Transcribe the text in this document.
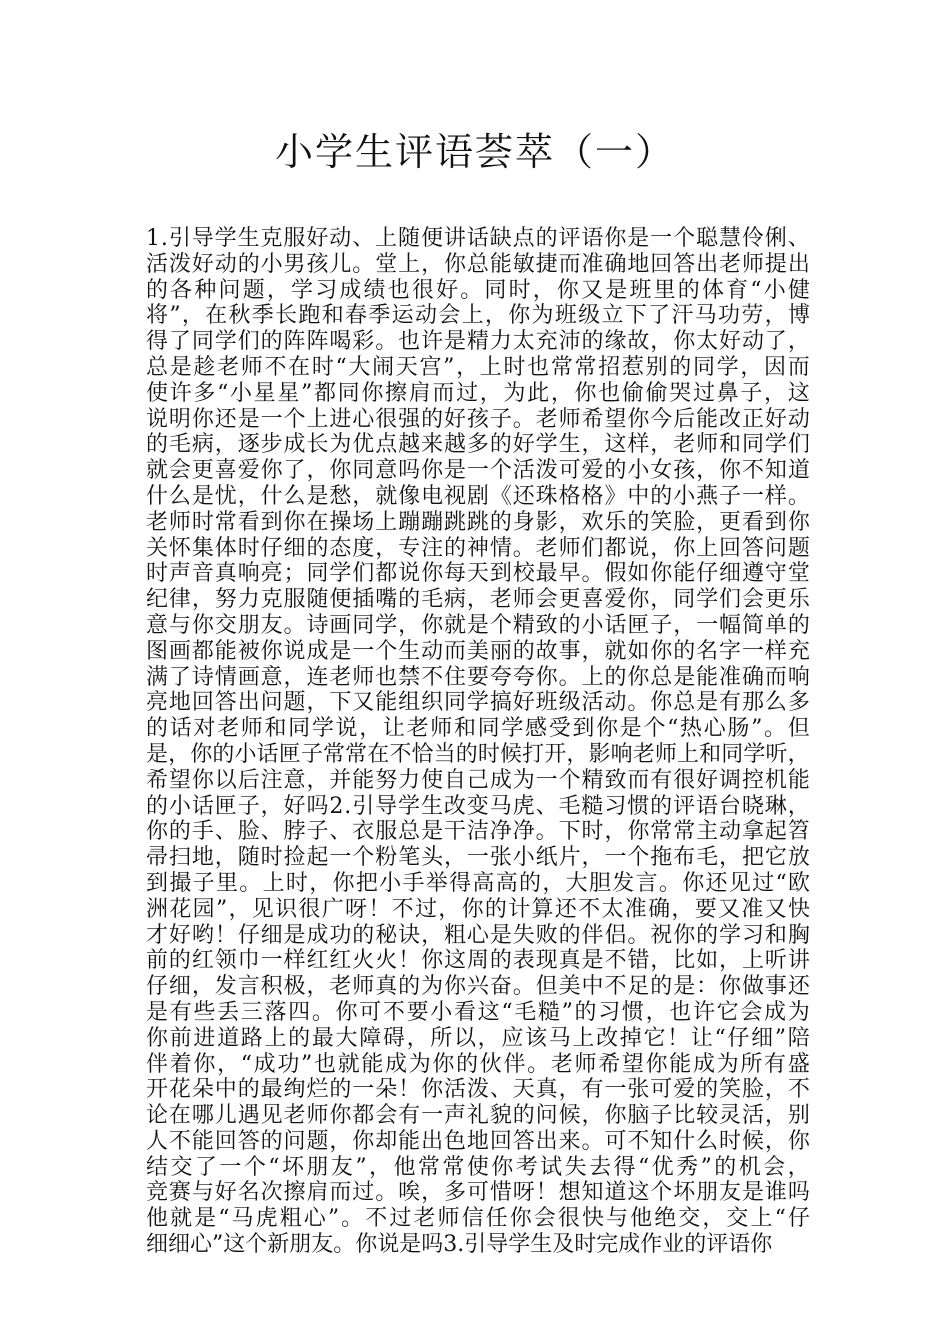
小学生评语荟萃（一）
1 . 引 导 学 生 克 服 好 动 、 上 随 便 讲 话 缺 点 的 评 语 你 是 一 个 聪 慧 伶 俐 、
活 泼 好 动 的 小 男 孩 儿 。 堂 上 ， 你 总 能 敏 捷 而 准 确 地 回 答 出 老 师 提 出
的 各 种 问 题 ， 学 习 成 绩 也 很 好 。 同 时 ， 你 又 是 班 里 的 体 育 “ 小 健
将 ” ， 在 秋 季 长 跑 和 春 季 运 动 会 上 ， 你 为 班 级 立 下 了 汗 马 功 劳 ， 博
得 了 同 学 们 的 阵 阵 喝 彩 。 也 许 是 精 力 太 充 沛 的 缘 故 ， 你 太 好 动 了 ，
总 是 趁 老 师 不 在 时 “ 大 闹 天 宫 ” ， 上 时 也 常 常 招 惹 别 的 同 学 ， 因 而
使 许 多 “ 小 星 星 ” 都 同 你 擦 肩 而 过 ， 为 此 ， 你 也 偷 偷 哭 过 鼻 子 ， 这
说 明 你 还 是 一 个 上 进 心 很 强 的 好 孩 子 。 老 师 希 望 你 今 后 能 改 正 好 动
的 毛 病 ， 逐 步 成 长 为 优 点 越 来 越 多 的 好 学 生 ， 这 样 ， 老 师 和 同 学 们
就 会 更 喜 爱 你 了 ， 你 同 意 吗 你 是 一 个 活 泼 可 爱 的 小 女 孩 ， 你 不 知 道
什 么 是 忧 ， 什 么 是 愁 ， 就 像 电 视 剧 《 还 珠 格 格 》 中 的 小 燕 子 一 样 。
老 师 时 常 看 到 你 在 操 场 上 蹦 蹦 跳 跳 的 身 影 ， 欢 乐 的 笑 脸 ， 更 看 到 你
关 怀 集 体 时 仔 细 的 态 度 ， 专 注 的 神 情 。 老 师 们 都 说 ， 你 上 回 答 问 题
时 声 音 真 响 亮 ； 同 学 们 都 说 你 每 天 到 校 最 早 。 假 如 你 能 仔 细 遵 守 堂
纪 律 ， 努 力 克 服 随 便 插 嘴 的 毛 病 ， 老 师 会 更 喜 爱 你 ， 同 学 们 会 更 乐
意 与 你 交 朋 友 。 诗 画 同 学 ， 你 就 是 个 精 致 的 小 话 匣 子 ， 一 幅 简 单 的
图 画 都 能 被 你 说 成 是 一 个 生 动 而 美 丽 的 故 事 ， 就 如 你 的 名 字 一 样 充
满 了 诗 情 画 意 ， 连 老 师 也 禁 不 住 要 夸 夸 你 。 上 的 你 总 是 能 准 确 而 响
亮 地 回 答 出 问 题 ， 下 又 能 组 织 同 学 搞 好 班 级 活 动 。 你 总 是 有 那 么 多
的 话 对 老 师 和 同 学 说 ， 让 老 师 和 同 学 感 受 到 你 是 个 “ 热 心 肠 ” 。 但
是 ， 你 的 小 话 匣 子 常 常 在 不 恰 当 的 时 候 打 开 ， 影 响 老 师 上 和 同 学 听 ，
希 望 你 以 后 注 意 ， 并 能 努 力 使 自 己 成 为 一 个 精 致 而 有 很 好 调 控 机 能
的 小 话 匣 子 ， 好 吗 2 . 引 导 学 生 改 变 马 虎 、 毛 糙 习 惯 的 评 语 台 晓 琳 ，
你 的 手 、 脸 、 脖 子 、 衣 服 总 是 干 洁 净 净 。 下 时 ， 你 常 常 主 动 拿 起 笤
帚 扫 地 ， 随 时 捡 起 一 个 粉 笔 头 ， 一 张 小 纸 片 ， 一 个 拖 布 毛 ， 把 它 放
到 撮 子 里 。 上 时 ， 你 把 小 手 举 得 高 高 的 ， 大 胆 发 言 。 你 还 见 过 “ 欧
洲 花 园 ” ， 见 识 很 广 呀 ！ 不 过 ， 你 的 计 算 还 不 太 准 确 ， 要 又 准 又 快
才 好 哟 ！ 仔 细 是 成 功 的 秘 诀 ， 粗 心 是 失 败 的 伴 侣 。 祝 你 的 学 习 和 胸
前 的 红 领 巾 一 样 红 红 火 火 ！ 你 这 周 的 表 现 真 是 不 错 ， 比 如 ， 上 听 讲
仔 细 ， 发 言 积 极 ， 老 师 真 的 为 你 兴 奋 。 但 美 中 不 足 的 是 ： 你 做 事 还
是 有 些 丢 三 落 四 。 你 可 不 要 小 看 这 “ 毛 糙 ” 的 习 惯 ， 也 许 它 会 成 为
你 前 进 道 路 上 的 最 大 障 碍 ， 所 以 ， 应 该 马 上 改 掉 它 ！ 让 “ 仔 细 ” 陪
伴 着 你 ， “ 成 功 ” 也 就 能 成 为 你 的 伙 伴 。 老 师 希 望 你 能 成 为 所 有 盛
开 花 朵 中 的 最 绚 烂 的 一 朵 ！ 你 活 泼 、 天 真 ， 有 一 张 可 爱 的 笑 脸 ， 不
论 在 哪 儿 遇 见 老 师 你 都 会 有 一 声 礼 貌 的 问 候 ， 你 脑 子 比 较 灵 活 ， 别
人 不 能 回 答 的 问 题 ， 你 却 能 出 色 地 回 答 出 来 。 可 不 知 什 么 时 候 ， 你
结 交 了 一 个 “ 坏 朋 友 ” ， 他 常 常 使 你 考 试 失 去 得 “ 优 秀 ” 的 机 会 ，
竞 赛 与 好 名 次 擦 肩 而 过 。 唉 ， 多 可 惜 呀 ！ 想 知 道 这 个 坏 朋 友 是 谁 吗
他 就 是 “ 马 虎 粗 心 ” 。 不 过 老 师 信 任 你 会 很 快 与 他 绝 交 ， 交 上 “ 仔
细细心”这个新朋友。你说是吗3.引导学生及时完成作业的评语你
